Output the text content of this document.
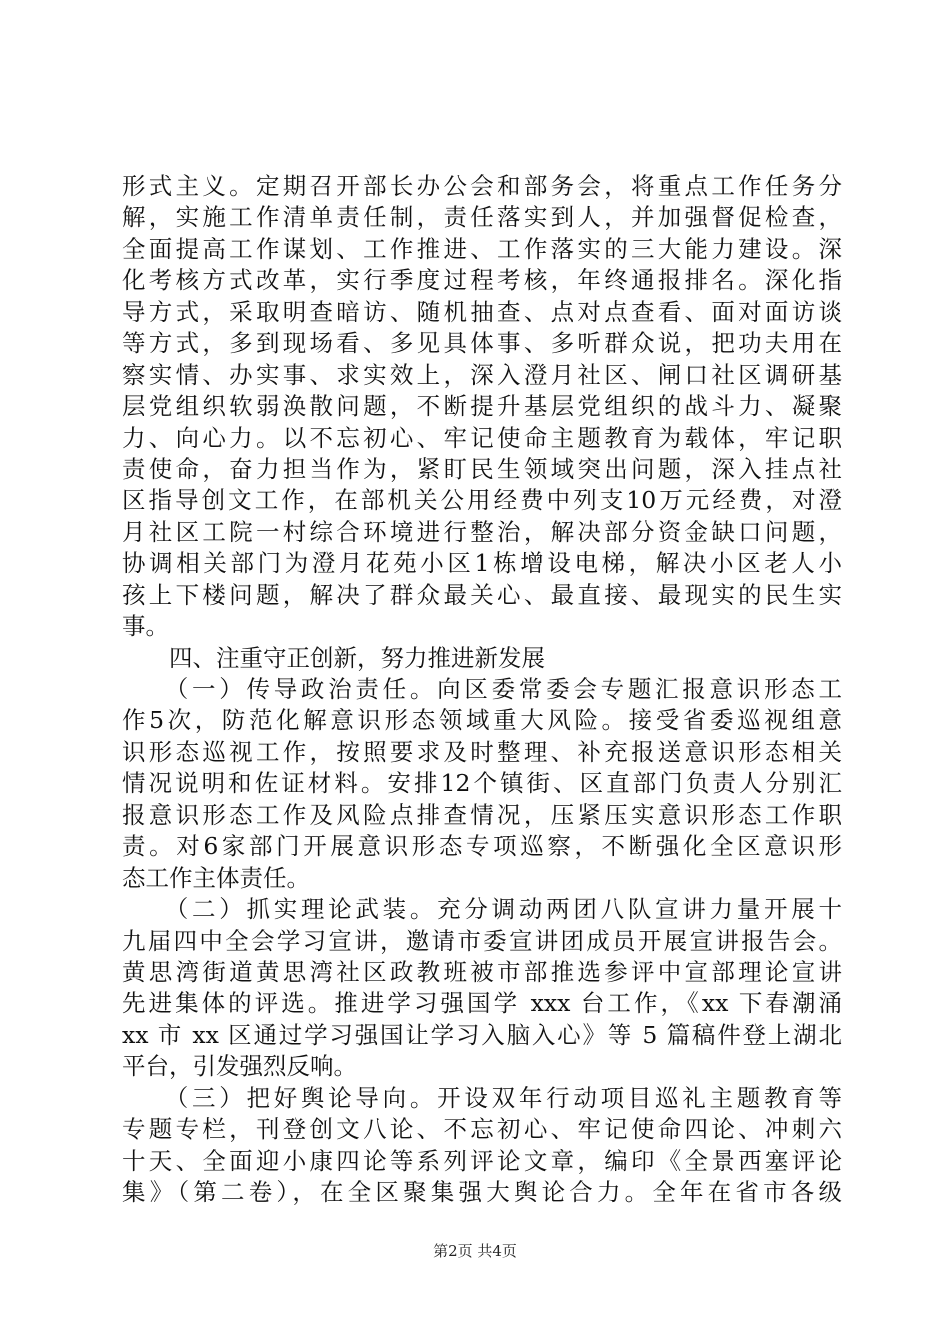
形式主义。定期召开部长办公会和部务会，将重点工作任务分
解，实施工作清单责任制，责任落实到人，并加强督促检查，
全面提高工作谋划、工作推进、工作落实的三大能力建设。深
化考核方式改革，实行季度过程考核，年终通报排名。深化指
导方式，采取明查暗访、随机抽查、点对点查看、面对面访谈
等方式，多到现场看、多见具体事、多听群众说，把功夫用在
察实情、办实事、求实效上，深入澄月社区、闸口社区调研基
层党组织软弱涣散问题，不断提升基层党组织的战斗力、凝聚
力、向心力。以不忘初心、牢记使命主题教育为载体，牢记职
责使命，奋力担当作为，紧盯民生领域突出问题，深入挂点社
区指导创文工作，在部机关公用经费中列支10万元经费，对澄
月社区工院一村综合环境进行整治，解决部分资金缺口问题，
协调相关部门为澄月花苑小区1栋增设电梯，解决小区老人小
孩上下楼问题，解决了群众最关心、最直接、最现实的民生实
事。
　　四、注重守正创新，努力推进新发展
　　（一）传导政治责任。向区委常委会专题汇报意识形态工
作5次，防范化解意识形态领域重大风险。接受省委巡视组意
识形态巡视工作，按照要求及时整理、补充报送意识形态相关
情况说明和佐证材料。安排12个镇街、区直部门负责人分别汇
报意识形态工作及风险点排查情况，压紧压实意识形态工作职
责。对6家部门开展意识形态专项巡察，不断强化全区意识形
态工作主体责任。
　　（二）抓实理论武装。充分调动两团八队宣讲力量开展十
九届四中全会学习宣讲，邀请市委宣讲团成员开展宣讲报告会。
黄思湾街道黄思湾社区政教班被市部推选参评中宣部理论宣讲
先进集体的评选。推进学习强国学 xxx 台工作，《xx 下春潮涌
xx 市 xx 区通过学习强国让学习入脑入心》等 5 篇稿件登上湖北
平台，引发强烈反响。
　　（三）把好舆论导向。开设双年行动项目巡礼主题教育等
专题专栏，刊登创文八论、不忘初心、牢记使命四论、冲刺六
十天、全面迎小康四论等系列评论文章，编印《全景西塞评论
集》（第二卷），在全区聚集强大舆论合力。全年在省市各级
第2页 共4页
